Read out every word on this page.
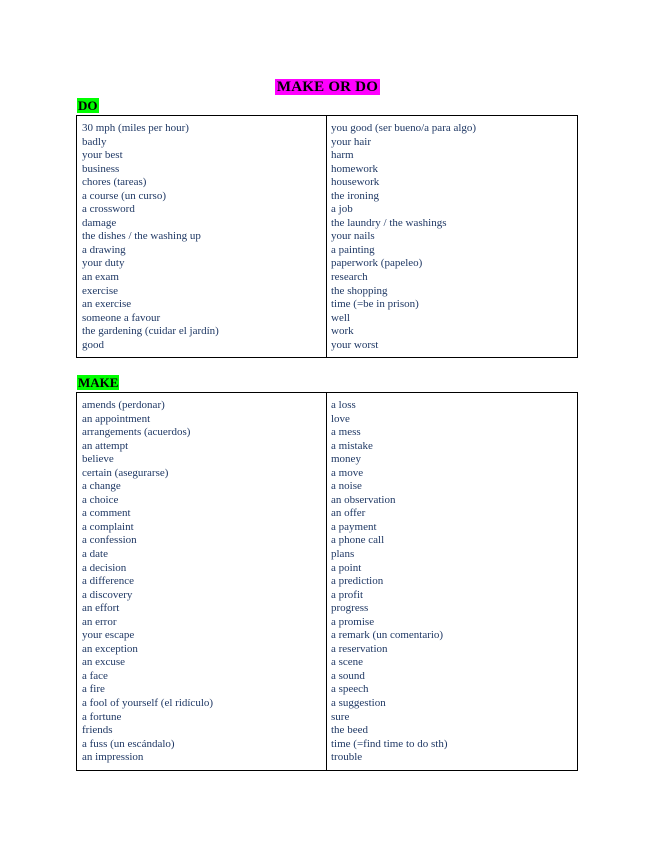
MAKE OR DO
DO
30 mph (miles per hour)
badly
your best
business
chores (tareas)
a course (un curso)
a crossword
damage
the dishes / the washing up
a drawing
your duty
an exam
exercise
an exercise
someone a favour
the gardening (cuidar el jardín)
good
you good (ser bueno/a para algo)
your hair
harm
homework
housework
the ironing
a job
the laundry / the washings
your nails
a painting
paperwork (papeleo)
research
the shopping
time (=be in prison)
well
work
your worst
MAKE
amends (perdonar)
an appointment
arrangements (acuerdos)
an attempt
believe
certain (asegurarse)
a change
a choice
a comment
a complaint
a confession
a date
a decision
a difference
a discovery
an effort
an error
your escape
an exception
an excuse
a face
a fire
a fool of yourself (el ridículo)
a fortune
friends
a fuss (un escándalo)
an impression
a loss
love
a mess
a mistake
money
a move
a noise
an observation
an offer
a payment
a phone call
plans
a point
a prediction
a profit
progress
a promise
a remark (un comentario)
a reservation
a scene
a sound
a speech
a suggestion
sure
the beed
time (=find time to do sth)
trouble
